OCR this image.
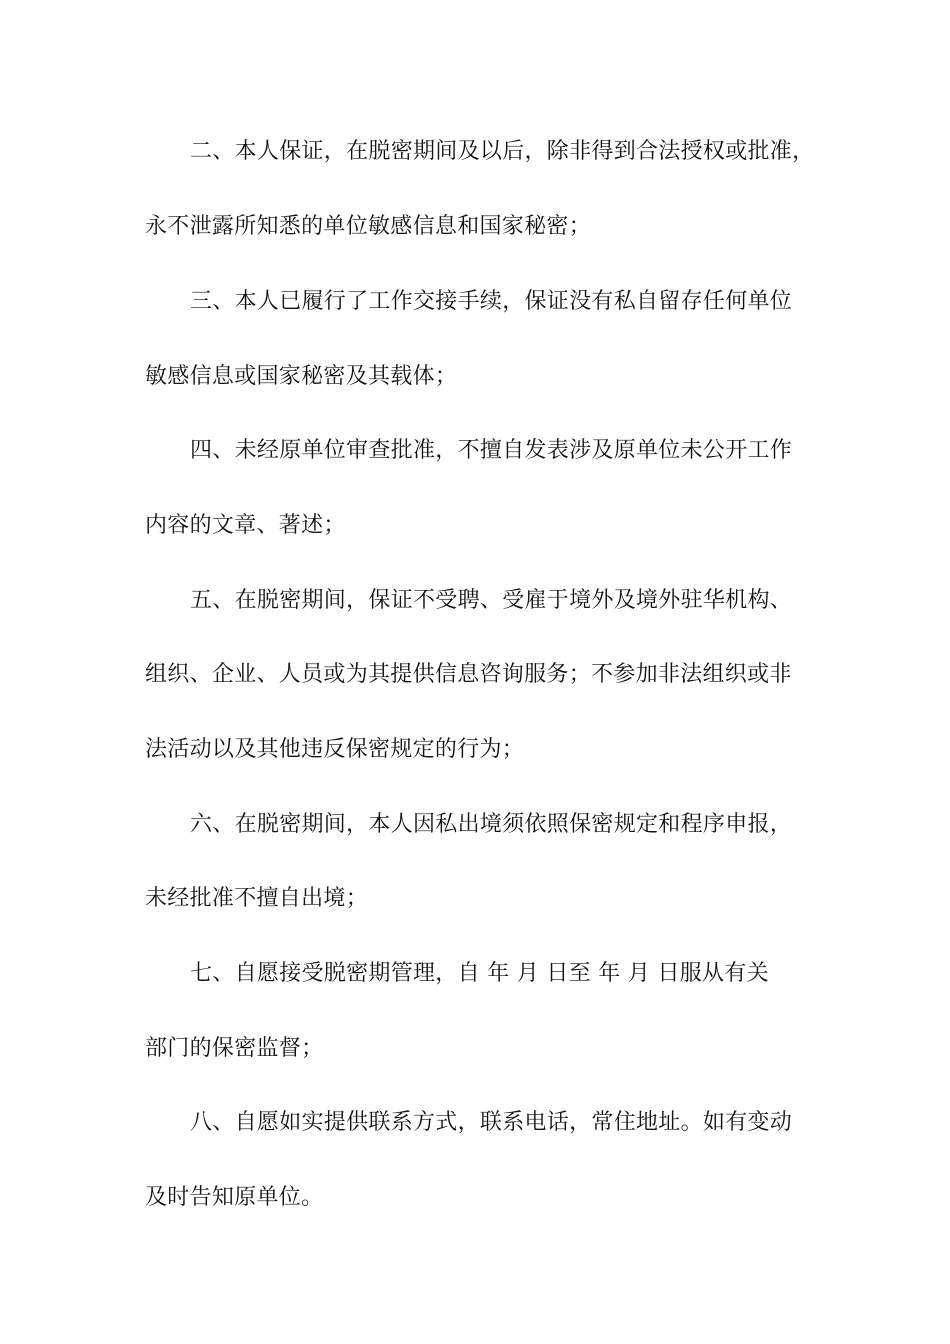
二、本人保证，在脱密期间及以后，除非得到合法授权或批准，
永不泄露所知悉的单位敏感信息和国家秘密；
三、本人已履行了工作交接手续，保证没有私自留存任何单位
敏感信息或国家秘密及其载体；
四、未经原单位审查批准，不擅自发表涉及原单位未公开工作
内容的文章、著述；
五、在脱密期间，保证不受聘、受雇于境外及境外驻华机构、
组织、企业、人员或为其提供信息咨询服务；不参加非法组织或非
法活动以及其他违反保密规定的行为；
六、在脱密期间，本人因私出境须依照保密规定和程序申报，
未经批准不擅自出境；
七、自愿接受脱密期管理，自 年 月 日至 年 月 日服从有关
部门的保密监督；
八、自愿如实提供联系方式，联系电话，常住地址。如有变动
及时告知原单位。
